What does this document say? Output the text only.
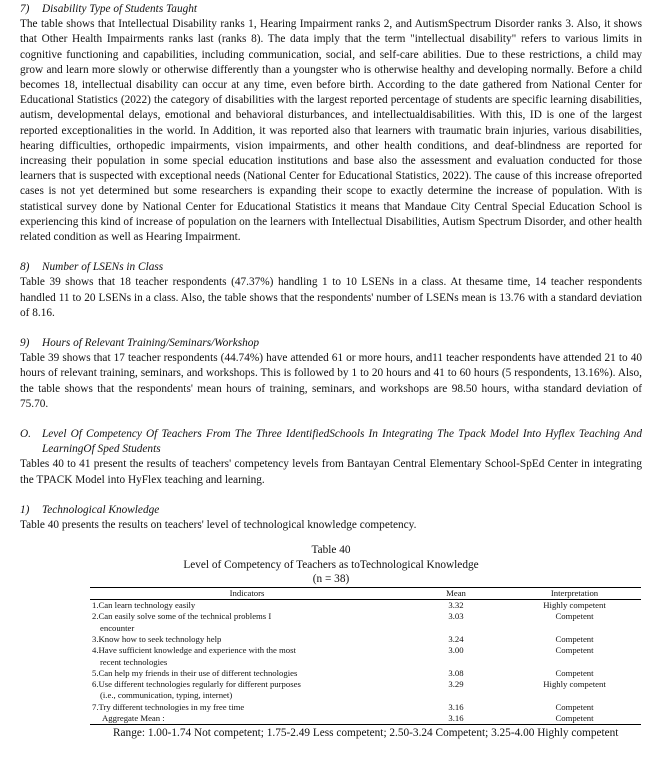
7) Disability Type of Students Taught

The table shows that Intellectual Disability ranks 1, Hearing Impairment ranks 2, and AutismSpectrum Disorder ranks 3. Also, it shows that Other Health Impairments ranks last (ranks 8). The data imply that the term "intellectual disability" refers to various limits in cognitive functioning and capabilities, including communication, social, and self-care abilities. Due to these restrictions, a child may grow and learn more slowly or otherwise differently than a youngster who is otherwise healthy and developing normally. Before a child becomes 18, intellectual disability can occur at any time, even before birth. According to the date gathered from National Center for Educational Statistics (2022) the category of disabilities with the largest reported percentage of students are specific learning disabilities, autism, developmental delays, emotional and behavioral disturbances, and intellectualdisabilities. With this, ID is one of the largest reported exceptionalities in the world. In Addition, it was reported also that learners with traumatic brain injuries, various disabilities, hearing difficulties, orthopedic impairments, vision impairments, and other health conditions, and deaf-blindness are reported for increasing their population in some special education institutions and base also the assessment and evaluation conducted for those learners that is suspected with exceptional needs (National Center for Educational Statistics, 2022). The cause of this increase ofreported cases is not yet determined but some researchers is expanding their scope to exactly determine the increase of population. With is statistical survey done by National Center for Educational Statistics it means that Mandaue City Central Special Education School is experiencing this kind of increase of population on the learners with Intellectual Disabilities, Autism Spectrum Disorder, and other health related condition as well as Hearing Impairment.

8) Number of LSENs in Class

Table 39 shows that 18 teacher respondents (47.37%) handling 1 to 10 LSENs in a class. At thesame time, 14 teacher respondents handled 11 to 20 LSENs in a class. Also, the table shows that the respondents' number of LSENs mean is 13.76 with a standard deviation of 8.16.

9) Hours of Relevant Training/Seminars/Workshop

Table 39 shows that 17 teacher respondents (44.74%) have attended 61 or more hours, and11 teacher respondents have attended 21 to 40 hours of relevant training, seminars, and workshops. This is followed by 1 to 20 hours and 41 to 60 hours (5 respondents, 13.16%). Also, the table shows that the respondents' mean hours of training, seminars, and workshops are 98.50 hours, witha standard deviation of 75.70.

O. Level Of Competency Of Teachers From The Three IdentifiedSchools In Integrating The Tpack Model Into Hyflex Teaching And LearningOf Sped Students

Tables 40 to 41 present the results of teachers' competency levels from Bantayan Central Elementary School-SpEd Center in integrating the TPACK Model into HyFlex teaching and learning.

1) Technological Knowledge

Table 40 presents the results on teachers' level of technological knowledge competency.

Table 40
Level of Competency of Teachers as toTechnological Knowledge
(n = 38)
Indicators	Mean	Interpretation
1.Can learn technology easily	3.32	Highly competent
2.Can easily solve some of the technical problems I
encounter	3.03	Competent
3.Know how to seek technology help	3.24	Competent
4.Have sufficient knowledge and experience with the most
recent technologies	3.00	Competent
5.Can help my friends in their use of different technologies	3.08	Competent
6.Use different technologies regularly for different purposes
(i.e., communication, typing, internet)	3.29	Highly competent
7.Try different technologies in my free time	3.16	Competent
Aggregate Mean :	3.16	Competent
Range: 1.00-1.74 Not competent; 1.75-2.49 Less competent; 2.50-3.24 Competent; 3.25-4.00 Highly competent
